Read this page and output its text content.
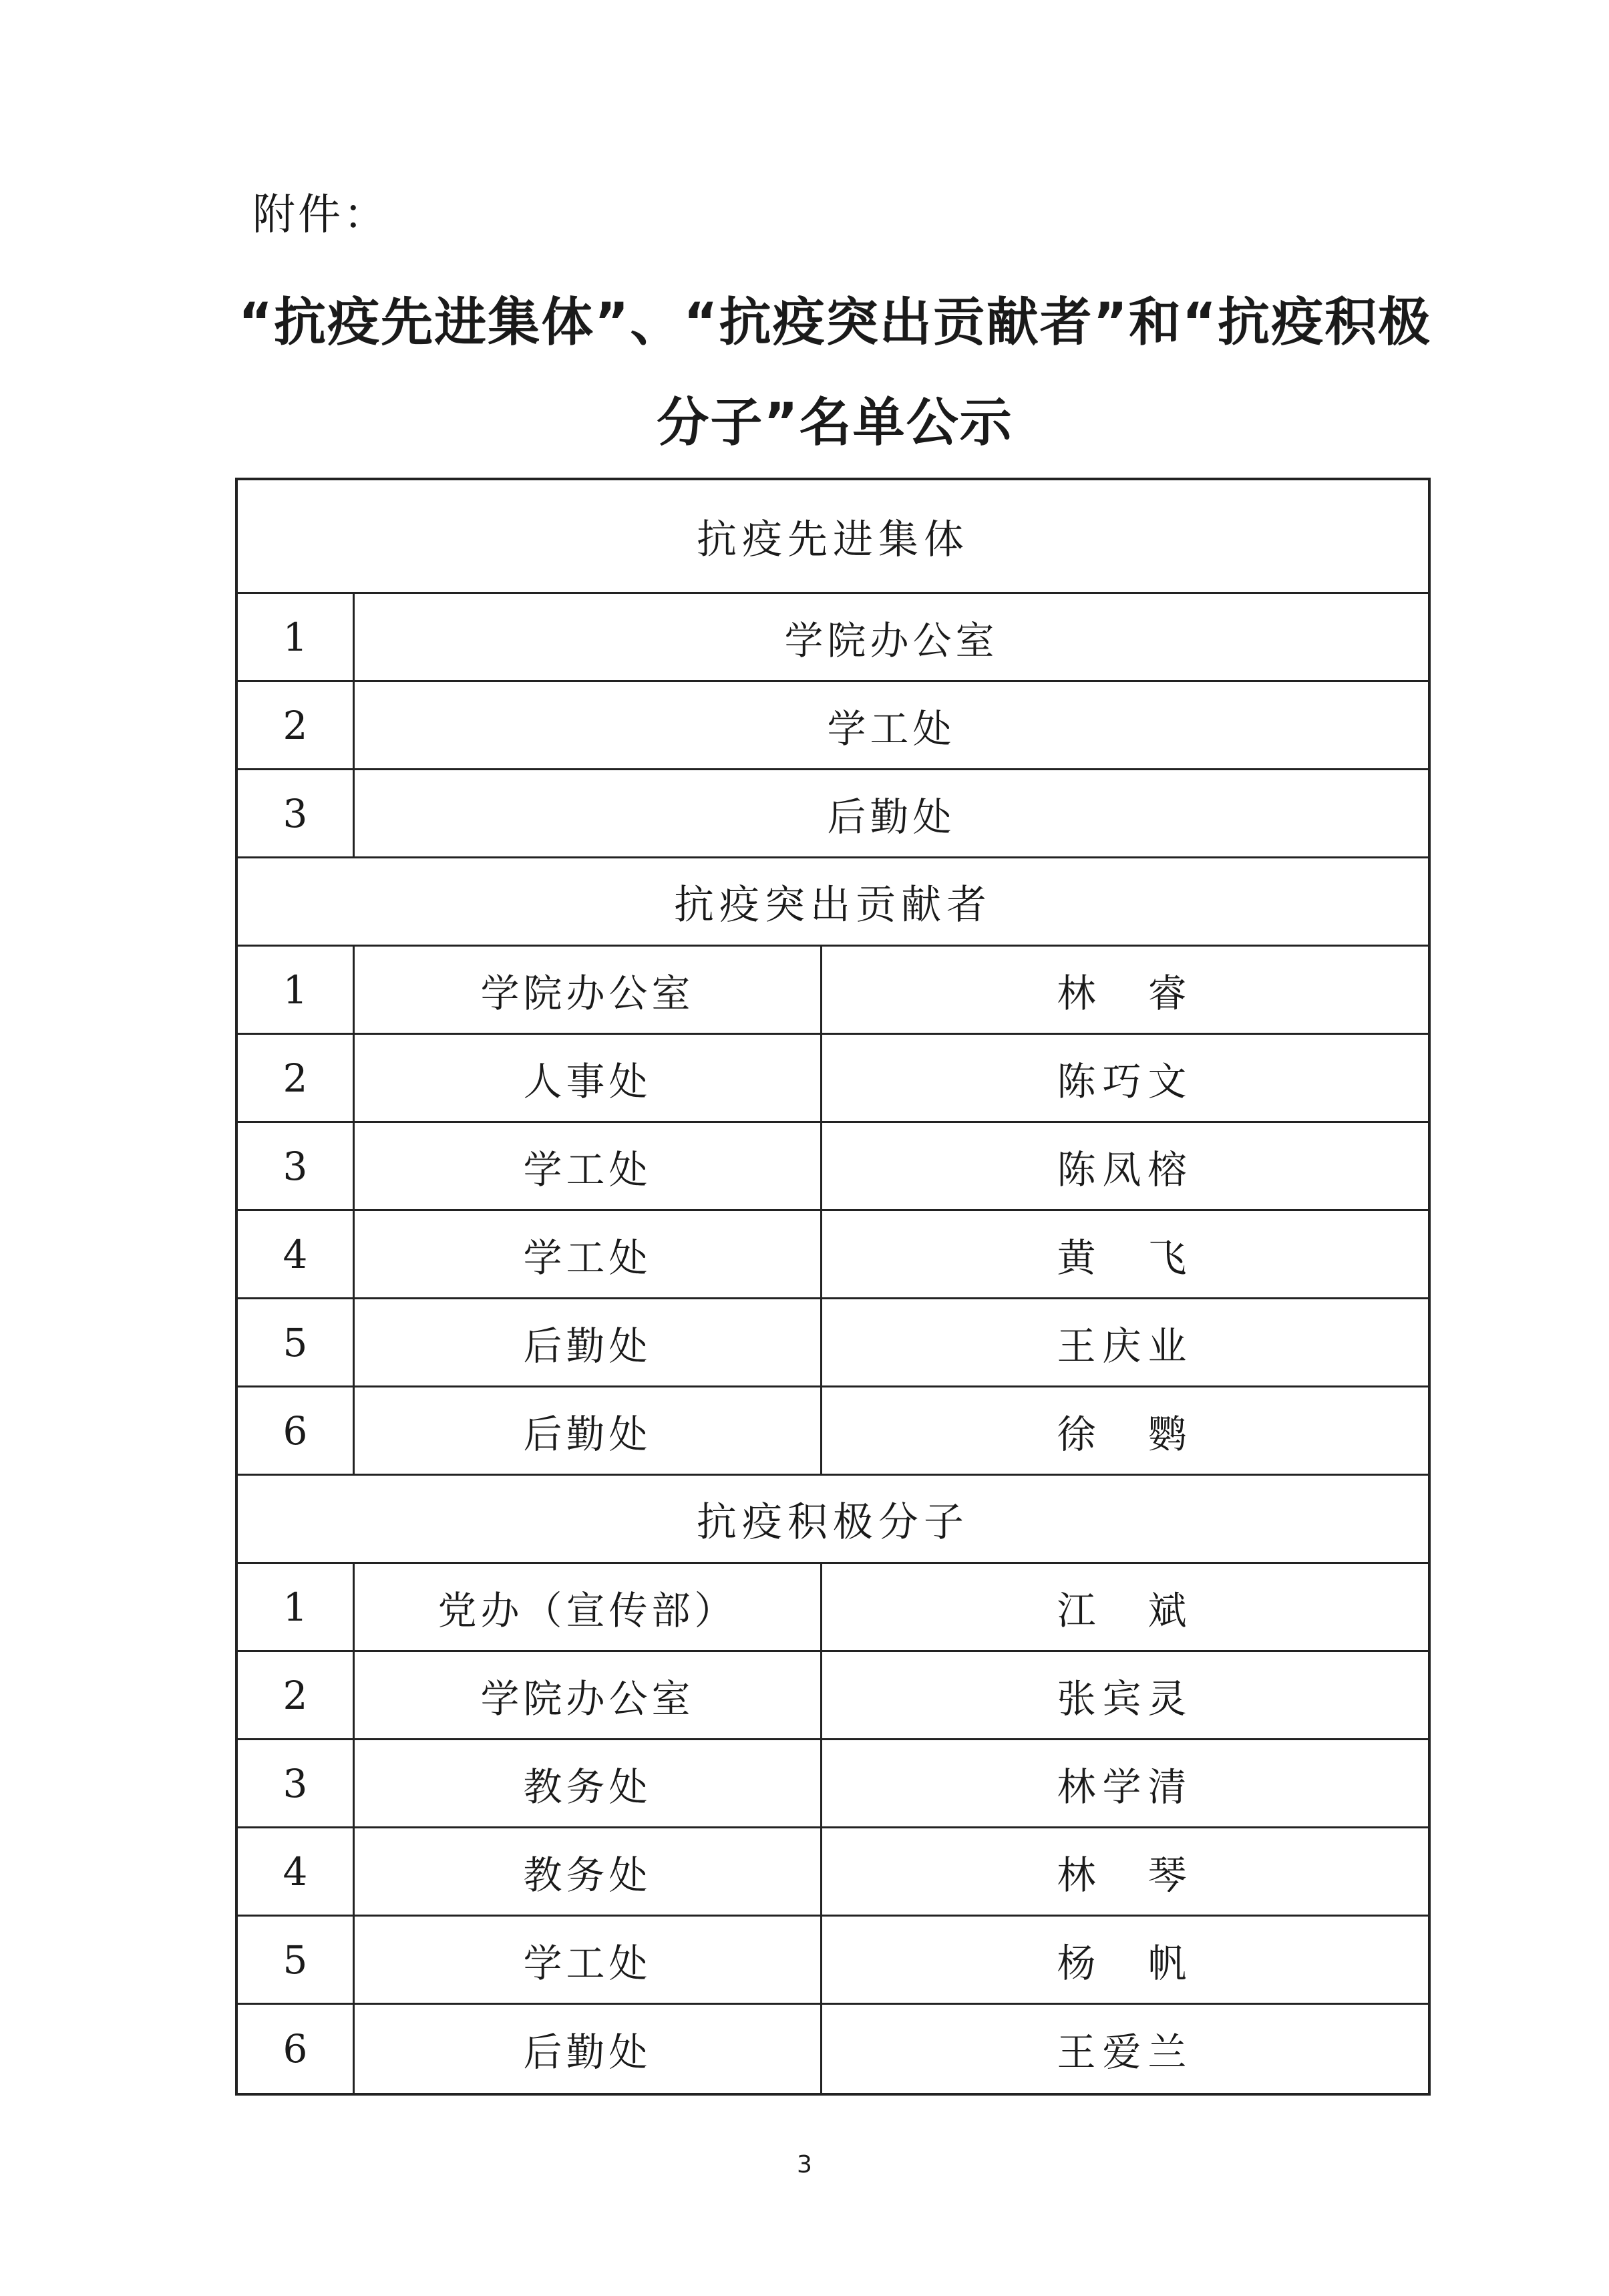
附件：
“抗疫先进集体”、“抗疫突出贡献者”和“抗疫积极
分子”名单公示
抗疫先进集体
1	学院办公室
2	学工处
3	后勤处
抗疫突出贡献者
1	学院办公室	林　睿
2	人事处	陈巧文
3	学工处	陈凤榕
4	学工处	黄　飞
5	后勤处	王庆业
6	后勤处	徐　鹦
抗疫积极分子
1	党办（宣传部）	江　斌
2	学院办公室	张宾灵
3	教务处	林学清
4	教务处	林　琴
5	学工处	杨　帆
6	后勤处	王爱兰
3
